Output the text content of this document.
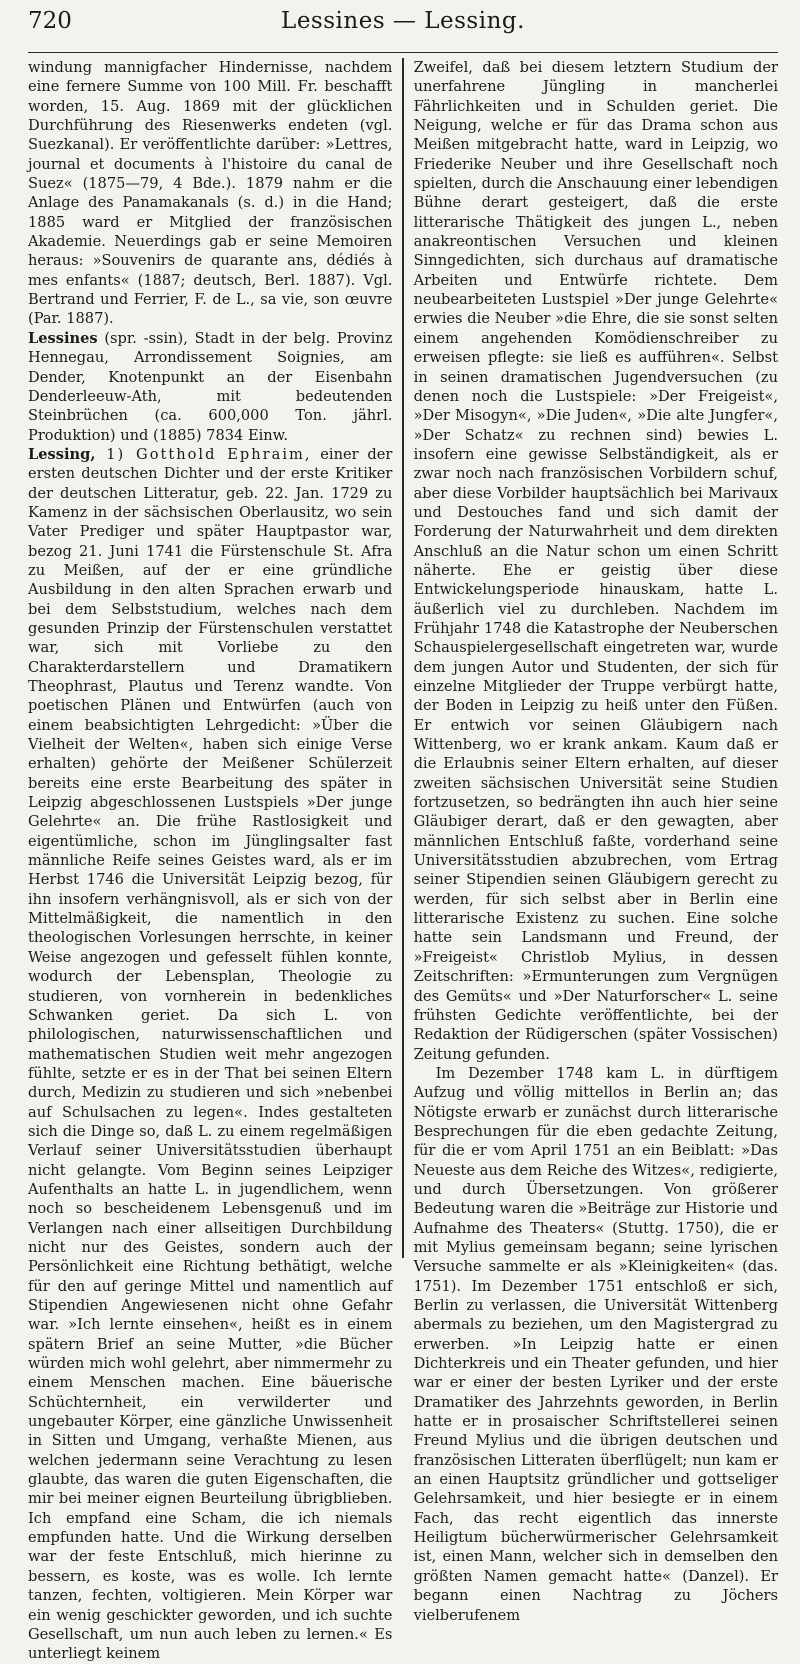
720	Lessines — Lessing.

windung mannigfacher Hindernisse, nachdem eine fernere Summe von 100 Mill. Fr. beschafft worden, 15. Aug. 1869 mit der glücklichen Durchführung des Riesenwerks endeten (vgl. Suezkanal). Er veröffentlichte darüber: »Lettres, journal et documents à l'histoire du canal de Suez« (1875—79, 4 Bde.). 1879 nahm er die Anlage des Panamakanals (s. d.) in die Hand; 1885 ward er Mitglied der französischen Akademie. Neuerdings gab er seine Memoiren heraus: »Souvenirs de quarante ans, dédiés à mes enfants« (1887; deutsch, Berl. 1887). Vgl. Bertrand und Ferrier, F. de L., sa vie, son œuvre (Par. 1887).

Lessines (spr. -ssin), Stadt in der belg. Provinz Hennegau, Arrondissement Soignies, am Dender, Knotenpunkt an der Eisenbahn Denderleeuw-Ath, mit bedeutenden Steinbrüchen (ca. 600,000 Ton. jährl. Produktion) und (1885) 7834 Einw.

Lessing, 1) Gotthold Ephraim, einer der ersten deutschen Dichter und der erste Kritiker der deutschen Litteratur, geb. 22. Jan. 1729 zu Kamenz in der sächsischen Oberlausitz, wo sein Vater Prediger und später Hauptpastor war, bezog 21. Juni 1741 die Fürstenschule St. Afra zu Meißen, auf der er eine gründliche Ausbildung in den alten Sprachen erwarb und bei dem Selbststudium, welches nach dem gesunden Prinzip der Fürstenschulen verstattet war, sich mit Vorliebe zu den Charakterdarstellern und Dramatikern Theophrast, Plautus und Terenz wandte. Von poetischen Plänen und Entwürfen (auch von einem beabsichtigten Lehrgedicht: »Über die Vielheit der Welten«, haben sich einige Verse erhalten) gehörte der Meißener Schülerzeit bereits eine erste Bearbeitung des später in Leipzig abgeschlossenen Lustspiels »Der junge Gelehrte« an. Die frühe Rastlosigkeit und eigentümliche, schon im Jünglingsalter fast männliche Reife seines Geistes ward, als er im Herbst 1746 die Universität Leipzig bezog, für ihn insofern verhängnisvoll, als er sich von der Mittelmäßigkeit, die namentlich in den theologischen Vorlesungen herrschte, in keiner Weise angezogen und gefesselt fühlen konnte, wodurch der Lebensplan, Theologie zu studieren, von vornherein in bedenkliches Schwanken geriet. Da sich L. von philologischen, naturwissenschaftlichen und mathematischen Studien weit mehr angezogen fühlte, setzte er es in der That bei seinen Eltern durch, Medizin zu studieren und sich »nebenbei auf Schulsachen zu legen«. Indes gestalteten sich die Dinge so, daß L. zu einem regelmäßigen Verlauf seiner Universitätsstudien überhaupt nicht gelangte. Vom Beginn seines Leipziger Aufenthalts an hatte L. in jugendlichem, wenn noch so bescheidenem Lebensgenuß und im Verlangen nach einer allseitigen Durchbildung nicht nur des Geistes, sondern auch der Persönlichkeit eine Richtung bethätigt, welche für den auf geringe Mittel und namentlich auf Stipendien Angewiesenen nicht ohne Gefahr war. »Ich lernte einsehen«, heißt es in einem spätern Brief an seine Mutter, »die Bücher würden mich wohl gelehrt, aber nimmermehr zu einem Menschen machen. Eine bäuerische Schüchternheit, ein verwilderter und ungebauter Körper, eine gänzliche Unwissenheit in Sitten und Umgang, verhaßte Mienen, aus welchen jedermann seine Verachtung zu lesen glaubte, das waren die guten Eigenschaften, die mir bei meiner eignen Beurteilung übrigblieben. Ich empfand eine Scham, die ich niemals empfunden hatte. Und die Wirkung derselben war der feste Entschluß, mich hierinne zu bessern, es koste, was es wolle. Ich lernte tanzen, fechten, voltigieren. Mein Körper war ein wenig geschickter geworden, und ich suchte Gesellschaft, um nun auch leben zu lernen.« Es unterliegt keinem

Zweifel, daß bei diesem letztern Studium der unerfahrene Jüngling in mancherlei Fährlichkeiten und in Schulden geriet. Die Neigung, welche er für das Drama schon aus Meißen mitgebracht hatte, ward in Leipzig, wo Friederike Neuber und ihre Gesellschaft noch spielten, durch die Anschauung einer lebendigen Bühne derart gesteigert, daß die erste litterarische Thätigkeit des jungen L., neben anakreontischen Versuchen und kleinen Sinngedichten, sich durchaus auf dramatische Arbeiten und Entwürfe richtete. Dem neubearbeiteten Lustspiel »Der junge Gelehrte« erwies die Neuber »die Ehre, die sie sonst selten einem angehenden Komödienschreiber zu erweisen pflegte: sie ließ es aufführen«. Selbst in seinen dramatischen Jugendversuchen (zu denen noch die Lustspiele: »Der Freigeist«, »Der Misogyn«, »Die Juden«, »Die alte Jungfer«, »Der Schatz« zu rechnen sind) bewies L. insofern eine gewisse Selbständigkeit, als er zwar noch nach französischen Vorbildern schuf, aber diese Vorbilder hauptsächlich bei Marivaux und Destouches fand und sich damit der Forderung der Naturwahrheit und dem direkten Anschluß an die Natur schon um einen Schritt näherte. Ehe er geistig über diese Entwickelungsperiode hinauskam, hatte L. äußerlich viel zu durchleben. Nachdem im Frühjahr 1748 die Katastrophe der Neuberschen Schauspielergesellschaft eingetreten war, wurde dem jungen Autor und Studenten, der sich für einzelne Mitglieder der Truppe verbürgt hatte, der Boden in Leipzig zu heiß unter den Füßen. Er entwich vor seinen Gläubigern nach Wittenberg, wo er krank ankam. Kaum daß er die Erlaubnis seiner Eltern erhalten, auf dieser zweiten sächsischen Universität seine Studien fortzusetzen, so bedrängten ihn auch hier seine Gläubiger derart, daß er den gewagten, aber männlichen Entschluß faßte, vorderhand seine Universitätsstudien abzubrechen, vom Ertrag seiner Stipendien seinen Gläubigern gerecht zu werden, für sich selbst aber in Berlin eine litterarische Existenz zu suchen. Eine solche hatte sein Landsmann und Freund, der »Freigeist« Christlob Mylius, in dessen Zeitschriften: »Ermunterungen zum Vergnügen des Gemüts« und »Der Naturforscher« L. seine frühsten Gedichte veröffentlichte, bei der Redaktion der Rüdigerschen (später Vossischen) Zeitung gefunden.

Im Dezember 1748 kam L. in dürftigem Aufzug und völlig mittellos in Berlin an; das Nötigste erwarb er zunächst durch litterarische Besprechungen für die eben gedachte Zeitung, für die er vom April 1751 an ein Beiblatt: »Das Neueste aus dem Reiche des Witzes«, redigierte, und durch Übersetzungen. Von größerer Bedeutung waren die »Beiträge zur Historie und Aufnahme des Theaters« (Stuttg. 1750), die er mit Mylius gemeinsam begann; seine lyrischen Versuche sammelte er als »Kleinigkeiten« (das. 1751). Im Dezember 1751 entschloß er sich, Berlin zu verlassen, die Universität Wittenberg abermals zu beziehen, um den Magistergrad zu erwerben. »In Leipzig hatte er einen Dichterkreis und ein Theater gefunden, und hier war er einer der besten Lyriker und der erste Dramatiker des Jahrzehnts geworden, in Berlin hatte er in prosaischer Schriftstellerei seinen Freund Mylius und die übrigen deutschen und französischen Litteraten überflügelt; nun kam er an einen Hauptsitz gründlicher und gottseliger Gelehrsamkeit, und hier besiegte er in einem Fach, das recht eigentlich das innerste Heiligtum bücherwürmerischer Gelehrsamkeit ist, einen Mann, welcher sich in demselben den größten Namen gemacht hatte« (Danzel). Er begann einen Nachtrag zu Jöchers vielberufenem
